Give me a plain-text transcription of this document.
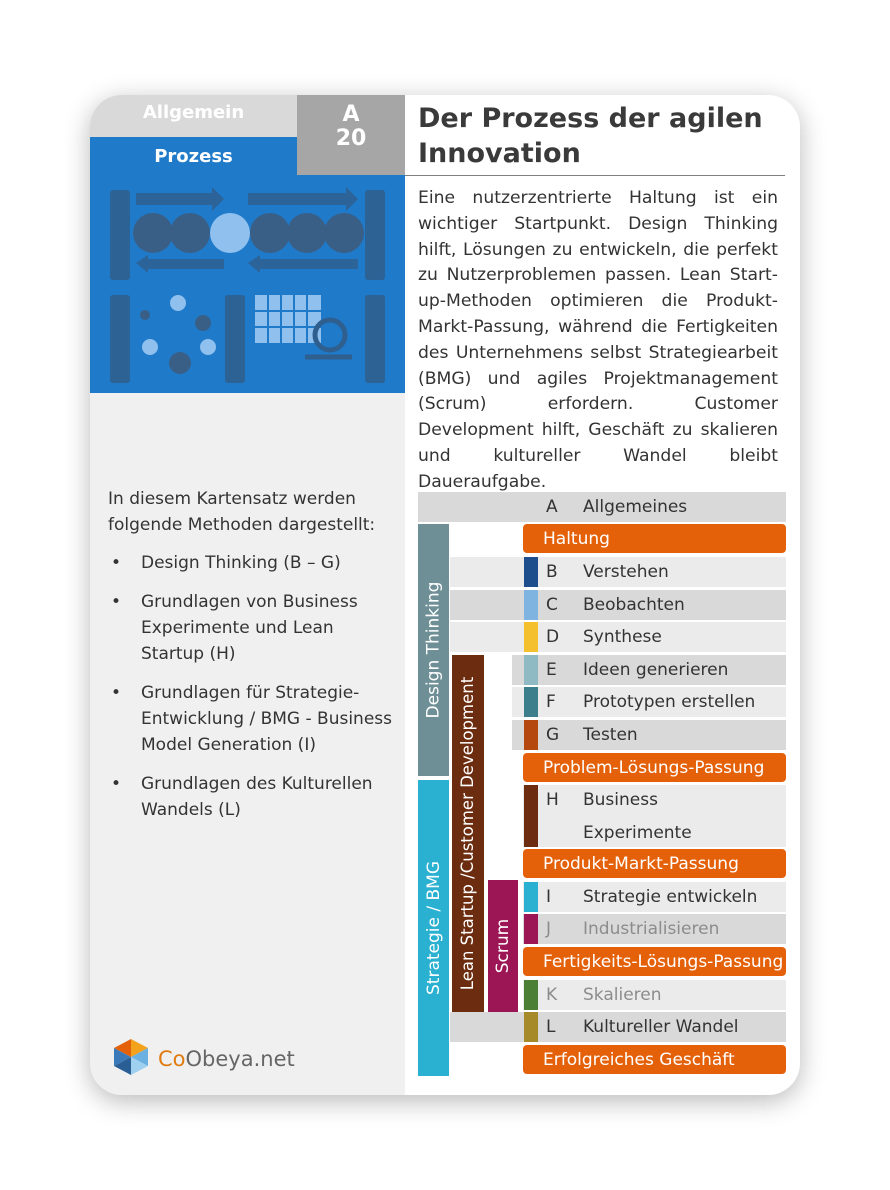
Allgemein
Prozess
A
20
Der Prozess der agilen Innovation
Eine nutzerzentrierte Haltung ist ein wichtiger Startpunkt. Design Thinking hilft, Lösungen zu entwickeln, die perfekt zu Nutzerproblemen passen. Lean Start-up-Methoden optimieren die Produkt-Markt-Passung, während die Fertigkeiten des Unternehmens selbst Strategiearbeit (BMG) und agiles Projektmanagement (Scrum) erfordern. Customer Development hilft, Geschäft zu skalieren und kultureller Wandel bleibt Daueraufgabe.
In diesem Kartensatz werden folgende Methoden dargestellt:
• Design Thinking (B – G)
• Grundlagen von Business Experimente und Lean Startup (H)
• Grundlagen für Strategie-Entwicklung / BMG - Business Model Generation (I)
• Grundlagen des Kulturellen Wandels (L)
CoObeya.net
A Allgemeines
Haltung
B Verstehen
C Beobachten
D Synthese
E Ideen generieren
F Prototypen erstellen
G Testen
Problem-Lösungs-Passung
H Business
Experimente
Produkt-Markt-Passung
I Strategie entwickeln
J Industrialisieren
Fertigkeits-Lösungs-Passung
K Skalieren
L Kultureller Wandel
Erfolgreiches Geschäft
Design Thinking
Strategie / BMG Lean Startup /Customer Development Scrum
